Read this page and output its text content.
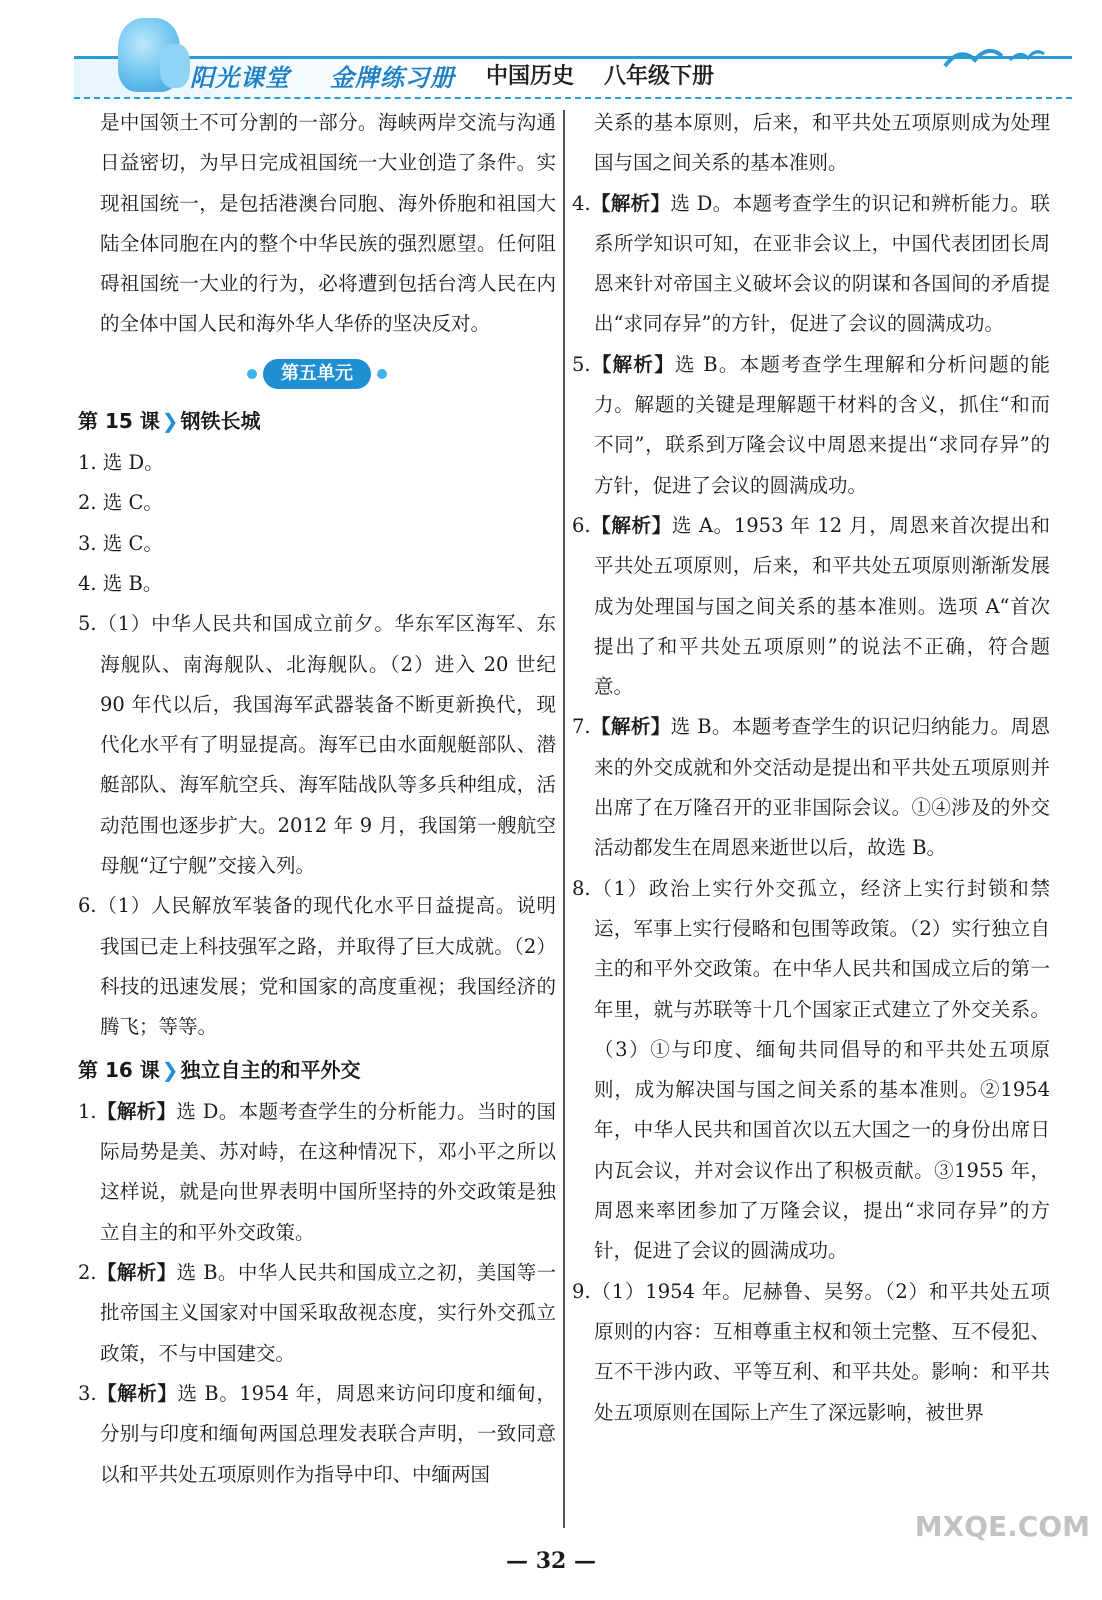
阳光课堂 金牌练习册 中国历史 八年级下册

是中国领土不可分割的一部分。海峡两岸交流与沟通日益密切，为早日完成祖国统一大业创造了条件。实现祖国统一，是包括港澳台同胞、海外侨胞和祖国大陆全体同胞在内的整个中华民族的强烈愿望。任何阻碍祖国统一大业的行为，必将遭到包括台湾人民在内的全体中国人民和海外华人华侨的坚决反对。

第五单元
第 15 课 ❯ 钢铁长城

1. 选 D。

2. 选 C。

3. 选 C。

4. 选 B。

5.（1）中华人民共和国成立前夕。华东军区海军、东海舰队、南海舰队、北海舰队。（2）进入 20 世纪 90 年代以后，我国海军武器装备不断更新换代，现代化水平有了明显提高。海军已由水面舰艇部队、潜艇部队、海军航空兵、海军陆战队等多兵种组成，活动范围也逐步扩大。2012 年 9 月，我国第一艘航空母舰“辽宁舰”交接入列。

6.（1）人民解放军装备的现代化水平日益提高。说明我国已走上科技强军之路，并取得了巨大成就。（2）科技的迅速发展；党和国家的高度重视；我国经济的腾飞；等等。

第 16 课 ❯ 独立自主的和平外交

1.【解析】选 D。本题考查学生的分析能力。当时的国际局势是美、苏对峙，在这种情况下，邓小平之所以这样说，就是向世界表明中国所坚持的外交政策是独立自主的和平外交政策。

2.【解析】选 B。中华人民共和国成立之初，美国等一批帝国主义国家对中国采取敌视态度，实行外交孤立政策，不与中国建交。

3.【解析】选 B。1954 年，周恩来访问印度和缅甸，分别与印度和缅甸两国总理发表联合声明，一致同意以和平共处五项原则作为指导中印、中缅两国

关系的基本原则，后来，和平共处五项原则成为处理国与国之间关系的基本准则。

4.【解析】选 D。本题考查学生的识记和辨析能力。联系所学知识可知，在亚非会议上，中国代表团团长周恩来针对帝国主义破坏会议的阴谋和各国间的矛盾提出“求同存异”的方针，促进了会议的圆满成功。

5.【解析】选 B。本题考查学生理解和分析问题的能力。解题的关键是理解题干材料的含义，抓住“和而不同”，联系到万隆会议中周恩来提出“求同存异”的方针，促进了会议的圆满成功。

6.【解析】选 A。1953 年 12 月，周恩来首次提出和平共处五项原则，后来，和平共处五项原则渐渐发展成为处理国与国之间关系的基本准则。选项 A“首次提出了和平共处五项原则”的说法不正确，符合题意。

7.【解析】选 B。本题考查学生的识记归纳能力。周恩来的外交成就和外交活动是提出和平共处五项原则并出席了在万隆召开的亚非国际会议。①④涉及的外交活动都发生在周恩来逝世以后，故选 B。

8.（1）政治上实行外交孤立，经济上实行封锁和禁运，军事上实行侵略和包围等政策。（2）实行独立自主的和平外交政策。在中华人民共和国成立后的第一年里，就与苏联等十几个国家正式建立了外交关系。（3）①与印度、缅甸共同倡导的和平共处五项原则，成为解决国与国之间关系的基本准则。②1954 年，中华人民共和国首次以五大国之一的身份出席日内瓦会议，并对会议作出了积极贡献。③1955 年，周恩来率团参加了万隆会议，提出“求同存异”的方针，促进了会议的圆满成功。

9.（1）1954 年。尼赫鲁、吴努。（2）和平共处五项原则的内容：互相尊重主权和领土完整、互不侵犯、互不干涉内政、平等互利、和平共处。影响：和平共处五项原则在国际上产生了深远影响，被世界

— 32 —
MXQE.COM
